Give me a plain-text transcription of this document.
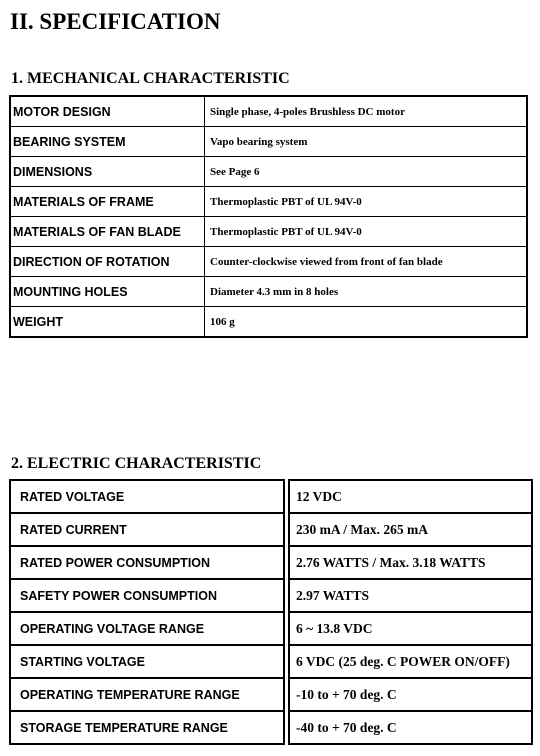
II. SPECIFICATION
1. MECHANICAL CHARACTERISTIC
MOTOR DESIGN	Single phase, 4-poles Brushless DC motor
BEARING SYSTEM	Vapo bearing system
DIMENSIONS	See Page 6
MATERIALS OF FRAME	Thermoplastic PBT of UL 94V-0
MATERIALS OF FAN BLADE	Thermoplastic PBT of UL 94V-0
DIRECTION OF ROTATION	Counter-clockwise viewed from front of fan blade
MOUNTING HOLES	Diameter 4.3 mm in 8 holes
WEIGHT	106 g
2. ELECTRIC CHARACTERISTIC
RATED VOLTAGE		12 VDC
RATED CURRENT		230 mA / Max. 265 mA
RATED POWER CONSUMPTION		2.76 WATTS / Max. 3.18 WATTS
SAFETY POWER CONSUMPTION		2.97 WATTS
OPERATING VOLTAGE RANGE		6 ~ 13.8 VDC
STARTING VOLTAGE		6 VDC (25 deg. C POWER ON/OFF)
OPERATING TEMPERATURE RANGE		-10 to + 70 deg. C
STORAGE TEMPERATURE RANGE		-40 to + 70 deg. C
